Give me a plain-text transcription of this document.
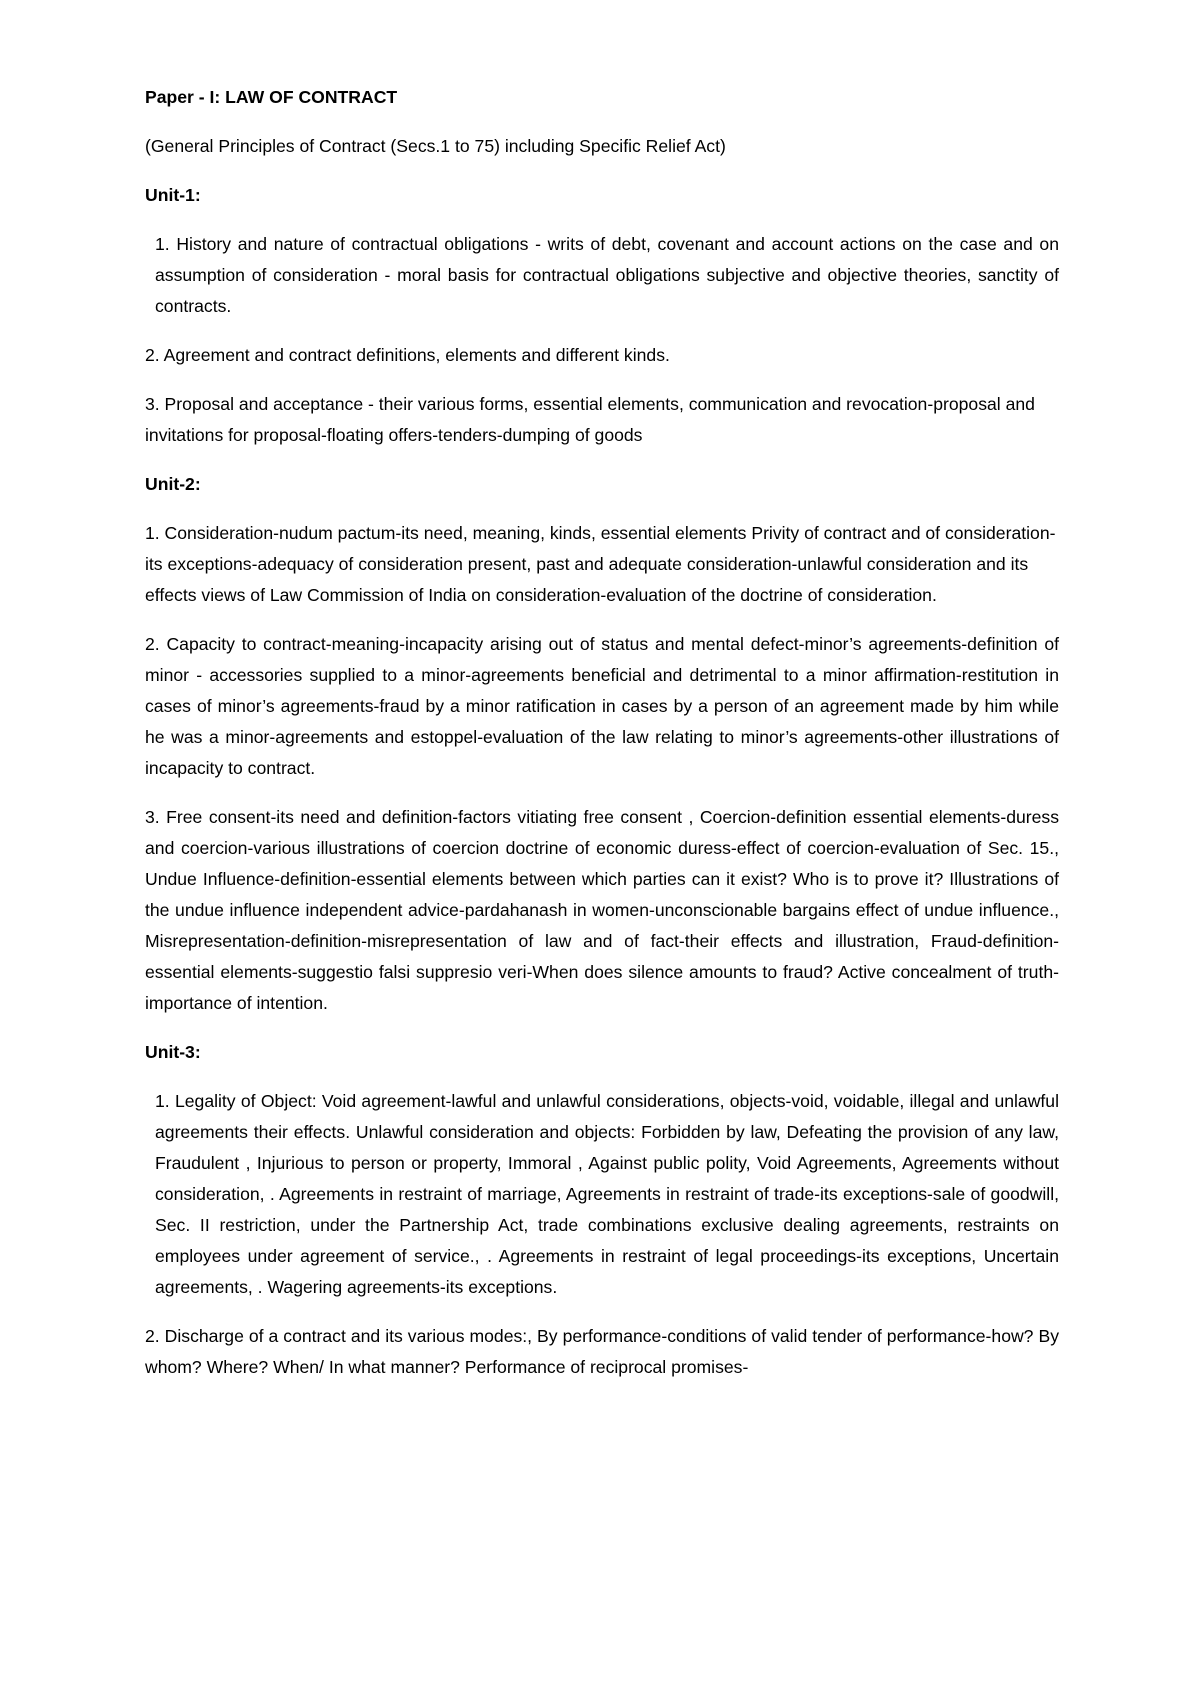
Paper - I: LAW OF CONTRACT

(General Principles of Contract (Secs.1 to 75) including Specific Relief Act)

Unit-1:

1. History and nature of contractual obligations - writs of debt, covenant and account actions on the case and on assumption of consideration - moral basis for contractual obligations subjective and objective theories, sanctity of contracts.

2. Agreement and contract definitions, elements and different kinds.

3. Proposal and acceptance - their various forms, essential elements, communication and revocation-proposal and invitations for proposal-floating offers-tenders-dumping of goods

Unit-2:

1. Consideration-nudum pactum-its need, meaning, kinds, essential elements Privity of contract and of consideration-its exceptions-adequacy of consideration present, past and adequate consideration-unlawful consideration and its effects views of Law Commission of India on consideration-evaluation of the doctrine of consideration.

2. Capacity to contract-meaning-incapacity arising out of status and mental defect-minor’s agreements-definition of minor - accessories supplied to a minor-agreements beneficial and detrimental to a minor affirmation-restitution in cases of minor’s agreements-fraud by a minor ratification in cases by a person of an agreement made by him while he was a minor-agreements and estoppel-evaluation of the law relating to minor’s agreements-other illustrations of incapacity to contract.

3. Free consent-its need and definition-factors vitiating free consent , Coercion-definition essential elements-duress and coercion-various illustrations of coercion doctrine of economic duress-effect of coercion-evaluation of Sec. 15., Undue Influence-definition-essential elements between which parties can it exist? Who is to prove it? Illustrations of the undue influence independent advice-pardahanash in women-unconscionable bargains effect of undue influence., Misrepresentation-definition-misrepresentation of law and of fact-their effects and illustration, Fraud-definition-essential elements-suggestio falsi suppresio veri-When does silence amounts to fraud? Active concealment of truth-importance of intention.

Unit-3:

1. Legality of Object: Void agreement-lawful and unlawful considerations, objects-void, voidable, illegal and unlawful agreements their effects. Unlawful consideration and objects: Forbidden by law, Defeating the provision of any law, Fraudulent , Injurious to person or property, Immoral , Against public polity, Void Agreements, Agreements without consideration, . Agreements in restraint of marriage, Agreements in restraint of trade-its exceptions-sale of goodwill, Sec. II restriction, under the Partnership Act, trade combinations exclusive dealing agreements, restraints on employees under agreement of service., . Agreements in restraint of legal proceedings-its exceptions, Uncertain agreements, . Wagering agreements-its exceptions.

2. Discharge of a contract and its various modes:, By performance-conditions of valid tender of performance-how? By whom? Where? When/ In what manner? Performance of reciprocal promises-
